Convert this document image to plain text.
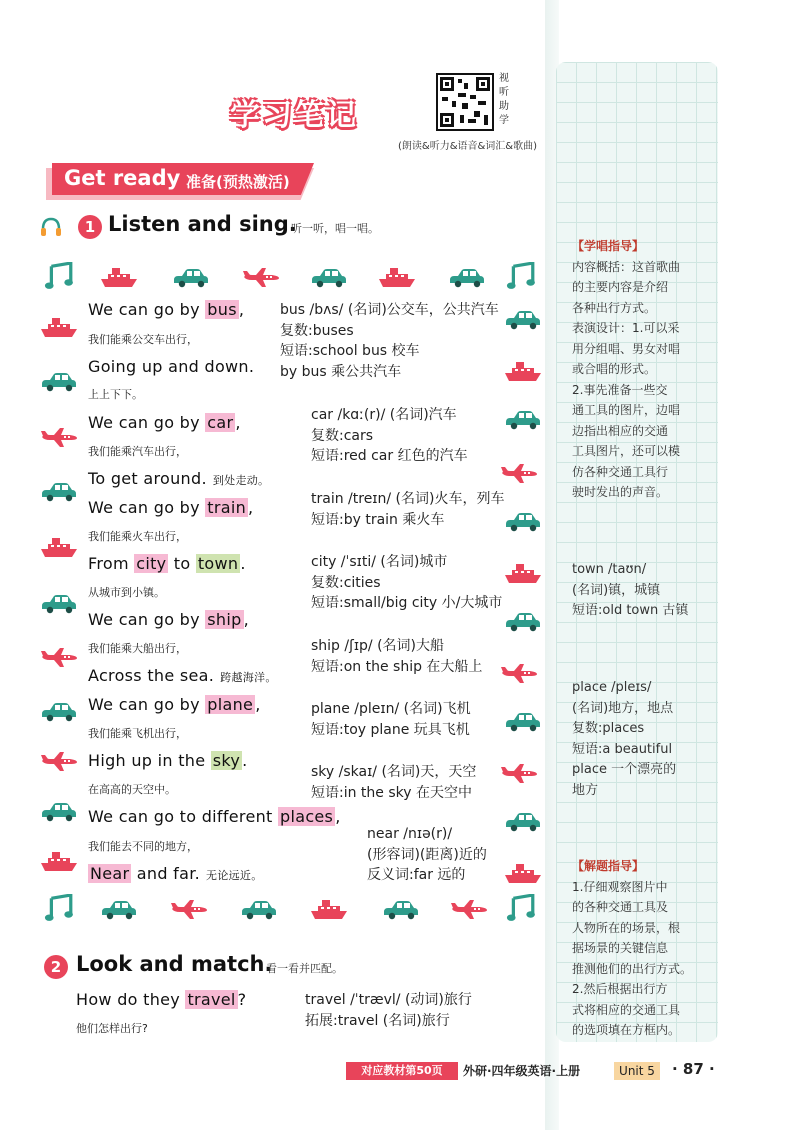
学习笔记
视
听
助
学
(朗读&听力&语音&词汇&歌曲)
Get ready 准备(预热激活)
1 Listen and sing.
听一听，唱一唱。
We can go by bus ,
我们能乘公交车出行，
Going up and down.
上上下下。
We can go by car ,
我们能乘汽车出行，
To get around. 到处走动。
We can go by train ,
我们能乘火车出行，
From city to town .
从城市到小镇。
We can go by ship ,
我们能乘大船出行，
Across the sea. 跨越海洋。
We can go by plane ,
我们能乘飞机出行，
High up in the sky .
在高高的天空中。
We can go to different places ,
我们能去不同的地方，
Near and far. 无论远近。
bus /bʌs/ (名词)公交车，公共汽车
复数:buses
短语:school bus 校车
by bus 乘公共汽车
car /kɑː(r)/ (名词)汽车
复数:cars
短语:red car 红色的汽车
train /treɪn/ (名词)火车，列车
短语:by train 乘火车
city /ˈsɪti/ (名词)城市
复数:cities
短语:small/big city 小/大城市
ship /ʃɪp/ (名词)大船
短语:on the ship 在大船上
plane /pleɪn/ (名词)飞机
短语:toy plane 玩具飞机
sky /skaɪ/ (名词)天，天空
短语:in the sky 在天空中
near /nɪə(r)/
(形容词)(距离)近的
反义词:far 远的
【学唱指导】
内容概括：这首歌曲
的主要内容是介绍
各种出行方式。
表演设计：1.可以采
用分组唱、男女对唱
或合唱的形式。
2.事先准备一些交
通工具的图片，边唱
边指出相应的交通
工具图片，还可以模
仿各种交通工具行
驶时发出的声音。
town /taʊn/
(名词)镇，城镇
短语:old town 古镇
place /pleɪs/
(名词)地方，地点
复数:places
短语:a beautiful
place 一个漂亮的
地方
【解题指导】
1.仔细观察图片中
的各种交通工具及
人物所在的场景，根
据场景的关键信息
推测他们的出行方式。
2.然后根据出行方
式将相应的交通工具
的选项填在方框内。
2 Look and match.
看一看并匹配。
How do they travel ?
他们怎样出行?
travel /ˈtrævl/ (动词)旅行
拓展:travel (名词)旅行
对应教材第50页	外研·四年级英语·上册	Unit 5	· 87 ·
